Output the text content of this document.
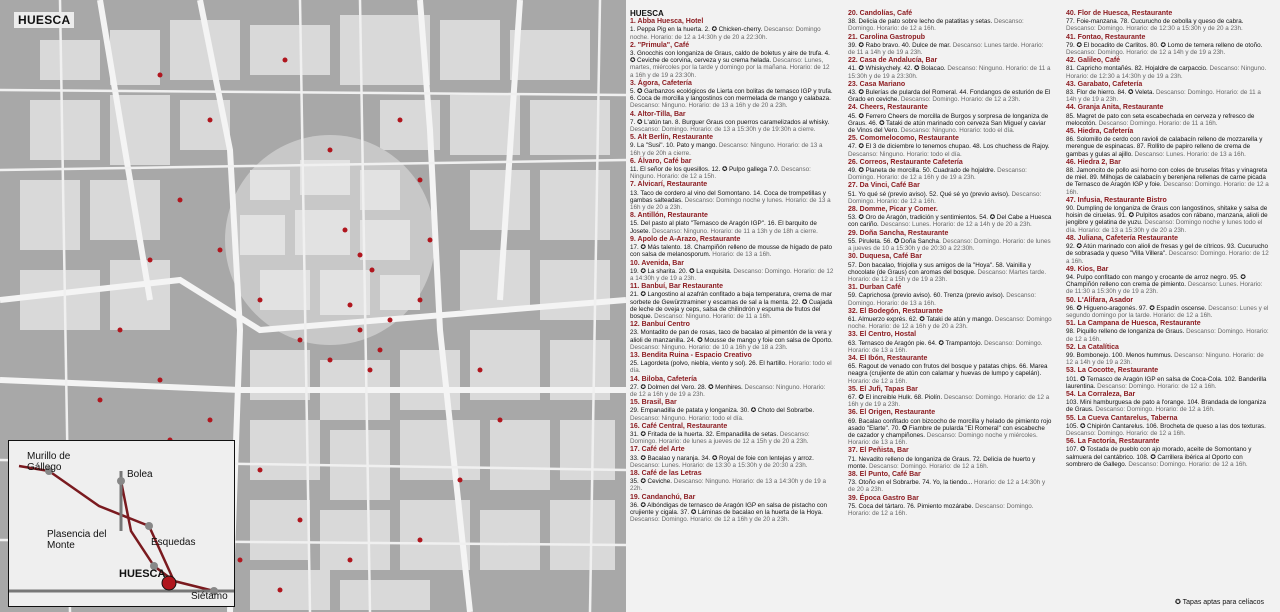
HUESCA
Murillo de Gállego
Bolea
Plasencia del Monte	Esquedas
HUESCA
Siétamo

HUESCA

1. Abba Huesca, Hotel

1. Peppa Pig en la huerta. 2. ✪ Chicken-cherry. Descanso: Domingo noche. Horario: de 12 a 14:30h y de 20 a 22:30h.

2. "Primula", Café

3. Gnocchis con longaniza de Graus, caldo de boletus y aire de trufa. 4. ✪ Ceviche de corvina, cerveza y su crema helada. Descanso: Lunes, martes, miércoles por la tarde y domingo por la mañana. Horario: de 12 a 16h y de 19 a 23:30h.

3. Ágora, Cafetería

5. ✪ Garbanzos ecológicos de Lierta con bolitas de ternasco IGP y trufa. 6. Coca de morcilla y langostinos con mermelada de mango y calabaza. Descanso: Ninguno. Horario: de 13 a 16h y de 20 a 23h.

4. Altor-Tilla, Bar

7. ✪ L'atún tan. 8. Burguer Graus con puerros caramelizados al whisky. Descanso: Domingo. Horario: de 13 a 15:30h y de 19:30h a cierre.

5. Alt Berlín, Restaurante

9. La "Susi". 10. Pato y mango. Descanso: Ninguno. Horario: de 13 a 16h y de 20h a cierre.

6. Álvaro, Café bar

11. El señor de los quesillos. 12. ✪ Pulpo gallega 7.0. Descanso: Ninguno. Horario: de 12 a 15h.

7. Alvicarí, Restaurante

13. Taco de cordero al vino del Somontano. 14. Coca de trompetillas y gambas salteadas. Descanso: Domingo noche y lunes. Horario: de 13 a 16h y de 20 a 23h.

8. Antillón, Restaurante

15. Del pasto al plato "Ternasco de Aragón IGP". 16. El barquito de Josete. Descanso: Ninguno. Horario: de 11 a 13h y de 18h a cierre.

9. Apolo de A-Arazo, Restaurante

17. ✪ Más talento. 18. Champiñón relleno de mousse de hígado de pato con salsa de melanosporum. Horario: de 13 a 16h.

10. Avenida, Bar

19. ✪ La sharita. 20. ✪ La exquisita. Descanso: Domingo. Horario: de 12 a 14:30h y de 19 a 23h.

11. Banbuí, Bar Restaurante

21. ✪ Langostino al azafrán confitado a baja temperatura, crema de mar sorbete de Gewürztraminer y escamas de sal a la menta. 22. ✪ Cuajada de leche de oveja y ceps, salsa de chilindrón y espuma de frutos del bosque. Descanso: Ninguno. Horario: de 11 a 16h.

12. Banbuí Centro

23. Montadito de pan de rosas, taco de bacalao al pimentón de la vera y alioli de manzanilla. 24. ✪ Mousse de mango y foie con salsa de Oporto. Descanso: Ninguno. Horario: de 10 a 16h y de 18 a 23h.

13. Bendita Ruina - Espacio Creativo

25. Lagordeta (polvo, niebla, viento y sol). 26. El hartillo. Horario: todo el día.

14. Biloba, Cafetería

27. ✪ Dolmen del Vero. 28. ✪ Menhires. Descanso: Ninguno. Horario: de 12 a 16h y de 19 a 23h.

15. Brasil, Bar

29. Empanadilla de patata y longaniza. 30. ✪ Choto del Sobrarbe. Descanso: Ninguno. Horario: todo el día.

16. Café Central, Restaurante

31. ✪ Fritada de la huerta. 32. Empanadilla de setas. Descanso: Domingo. Horario: de lunes a jueves de 12 a 15h y de 20 a 23h.

17. Café del Arte

33. ✪ Bacalao y naranja. 34. ✪ Royal de foie con lentejas y arroz. Descanso: Lunes. Horario: de 13:30 a 15:30h y de 20:30 a 23h.

18. Café de las Letras

35. ✪ Ceviche. Descanso: Ninguno. Horario: de 13 a 14:30h y de 19 a 22h.

19. Candanchú, Bar

36. ✪ Albóndigas de ternasco de Aragón IGP en salsa de pistacho con crujiente y cigala. 37. ✪ Láminas de bacalao en la huerta de la Hoya. Descanso: Domingo. Horario: de 12 a 16h y de 20 a 23h.

20. Candolías, Café

38. Delicia de pato sobre lecho de patatitas y setas. Descanso: Domingo. Horario: de 12 a 16h.

21. Carolina Gastropub

39. ✪ Rabo bravo. 40. Dulce de mar. Descanso: Lunes tarde. Horario: de 11 a 14h y de 19 a 23h.

22. Casa de Andalucía, Bar

41. ✪ Whiskychely. 42. ✪ Bolacao. Descanso: Ninguno. Horario: de 11 a 15:30h y de 19 a 23:30h.

23. Casa Mariano

43. ✪ Bulerías de pularda del Romeral. 44. Fondangos de esturión de El Grado en ceviche. Descanso: Domingo. Horario: de 12 a 23h.

24. Cheers, Restaurante

45. ✪ Ferrero Cheers de morcilla de Burgos y sorpresa de longaniza de Graus. 46. ✪ Tataki de atún marinado con cerveza San Miguel y caviar de Vinos del Vero. Descanso: Ninguno. Horario: todo el día.

25. Comomelocomo, Restaurante

47. ✪ El 3 de diciembre lo tenemos chupao. 48. Los chuchess de Rajoy. Descanso: Ninguno. Horario: todo el día.

26. Correos, Restaurante Cafetería

49. ✪ Planeta de morcilla. 50. Cuadrado de hojaldre. Descanso: Domingo. Horario: de 12 a 16h y de 19 a 23h.

27. Da Vinci, Café Bar

51. Yo qué sé (previo aviso). 52. Qué sé yo (previo aviso). Descanso: Domingo. Horario: de 12 a 16h.

28. Domme, Picar y Comer.

53. ✪ Oro de Aragón, tradición y sentimientos. 54. ✪ Del Cabe a Huesca con cariño. Descanso: Lunes. Horario: de 12 a 14h y de 20 a 23h.

29. Doña Sancha, Restaurante

55. Piruleta. 56. ✪ Doña Sancha. Descanso: Domingo. Horario: de lunes a jueves de 10 a 15:30h y de 20:30 a 22:30h.

30. Duquesa, Café Bar

57. Don bacalao, friojolla y sus amigos de la "Hoya". 58. Vainilla y chocolate (de Graus) con aromas del bosque. Descanso: Martes tarde. Horario: de 12 a 15h y de 19 a 23h.

31. Durban Café

59. Caprichosa (previo aviso). 60. Trenza (previo aviso). Descanso: Domingo. Horario: de 13 a 16h.

32. El Bodegón, Restaurante

61. Almuerzo exprés. 62. ✪ Tataki de atún y mango. Descanso: Domingo noche. Horario: de 12 a 16h y de 20 a 23h.

33. El Centro, Hostal

63. Ternasco de Aragón pie. 64. ✪ Trampantojo. Descanso: Domingo. Horario: de 13 a 16h.

34. El Ibón, Restaurante

65. Ragout de venado con frutos del bosque y patatas chips. 66. Marea neagra (crujiente de atún con calamar y huevas de lumpo y capelán). Horario: de 12 a 16h.

35. El Jufi, Tapas Bar

67. ✪ El increible Hulk. 68. Piolín. Descanso: Domingo. Horario: de 12 a 16h y de 19 a 23h.

36. El Origen, Restaurante

69. Bacalao confitado con bizcocho de morcilla y helado de pimiento rojo asado "Elarte". 70. ✪ Fiambre de pularda "El Romeral" con escabeche de cazador y champiñones. Descanso: Domingo noche y miércoles. Horario: de 13 a 16h.

37. El Peñista, Bar

71. Nevadito relleno de longaniza de Graus. 72. Delicia de huerto y monte. Descanso: Domingo. Horario: de 12 a 16h.

38. El Punto, Café Bar

73. Otoño en el Sobrarbe. 74. Yo, la tiendo... Horario: de 12 a 14:30h y de 20 a 23h.

39. Época Gastro Bar

75. Coca del tártaro. 76. Pimiento mozárabe. Descanso: Domingo. Horario: de 12 a 16h.

40. Flor de Huesca, Restaurante

77. Foie-manzana. 78. Cucurucho de cebolla y queso de cabra. Descanso: Domingo. Horario: de 12:30 a 15:30h y de 20 a 23h.

41. Fontao, Restaurante

79. ✪ El bocadito de Carlitos. 80. ✪ Lomo de ternera relleno de otoño. Descanso: Domingo. Horario: de 12 a 14h y de 19 a 23h.

42. Galileo, Café

81. Capricho montañés. 82. Hojaldre de carpaccio. Descanso: Ninguno. Horario: de 12:30 a 14:30h y de 19 a 23h.

43. Garabato, Cafetería

83. Flor de hierro. 84. ✪ Veleta. Descanso: Domingo. Horario: de 11 a 14h y de 19 a 23h.

44. Granja Anita, Restaurante

85. Magret de pato con seta escabechada en cerveza y refresco de melocotón. Descanso: Domingo. Horario: de 11 a 16h.

45. Hiedra, Cafetería

86. Solomillo de cerdo con ravioli de calabacín relleno de mozzarella y merengue de espinacas. 87. Rollito de papiro relleno de crema de gambas y gulas al ajillo. Descanso: Lunes. Horario: de 13 a 16h.

46. Hiedra 2, Bar

88. Jamoncito de pollo asi horno con coles de bruselas fritas y vinagreta de miel. 89. Milhojas de calabacín y berenjena rellenas de carne picada de Ternasco de Aragón IGP y foie. Descanso: Domingo. Horario: de 12 a 16h.

47. Infusia, Restaurante Bistro

90. Dumpling de longaniza de Graus con langostinos, shitake y salsa de hoisin de ciruelas. 91. ✪ Pulpitos asados con rábano, manzana, alioli de jengibre y gelatina de yuzu. Descanso: Domingo noche y lunes todo el día. Horario: de 13 a 15:30h y de 20 a 23h.

48. Juliana, Cafetería Restaurante

92. ✪ Atún marinado con alioli de fresas y gel de cítricos. 93. Cucurucho de sobrasada y queso "Villa Villera". Descanso: Domingo. Horario: de 12 a 16h.

49. Kios, Bar

94. Pulpo confitado con mango y crocante de arroz negro. 95. ✪ Champiñón relleno con crema de pimiento. Descanso: Lunes. Horario: de 11:30 a 15:30h y de 19 a 23h.

50. L'Alifara, Asador

96. ✪ Higueno-aragonés. 97. ✪ Espadín oscense. Descanso: Lunes y el segundo domingo por la tarde. Horario: de 12 a 16h.

51. La Campana de Huesca, Restaurante

98. Piquillo relleno de longaniza de Graus. Descanso: Domingo. Horario: de 12 a 16h.

52. La Catalítica

99. Bombonejo. 100. Menos hummus. Descanso: Ninguno. Horario: de 12 a 14h y de 19 a 23h.

53. La Cocotte, Restaurante

101. ✪ Ternasco de Aragón IGP en salsa de Coca-Cola. 102. Banderilla laurentina. Descanso: Domingo. Horario: de 12 a 16h.

54. La Corraleza, Bar

103. Mini hamburguesa de pato a l'orange. 104. Brandada de longaniza de Graus. Descanso: Domingo. Horario: de 12 a 16h.

55. La Cueva Cantarelus, Taberna

105. ✪ Chipirón Cantarelus. 106. Brocheta de queso a las dos texturas. Descanso: Domingo. Horario: de 12 a 16h.

56. La Factoría, Restaurante

107. ✪ Tostada de pueblo con ajo morado, aceite de Somontano y salmuera del cantábrico. 108. ✪ Carrillera ibérica al Oporto con sombrero de Gallego. Descanso: Domingo. Horario: de 12 a 16h.

✪ Tapas aptas para celíacos
